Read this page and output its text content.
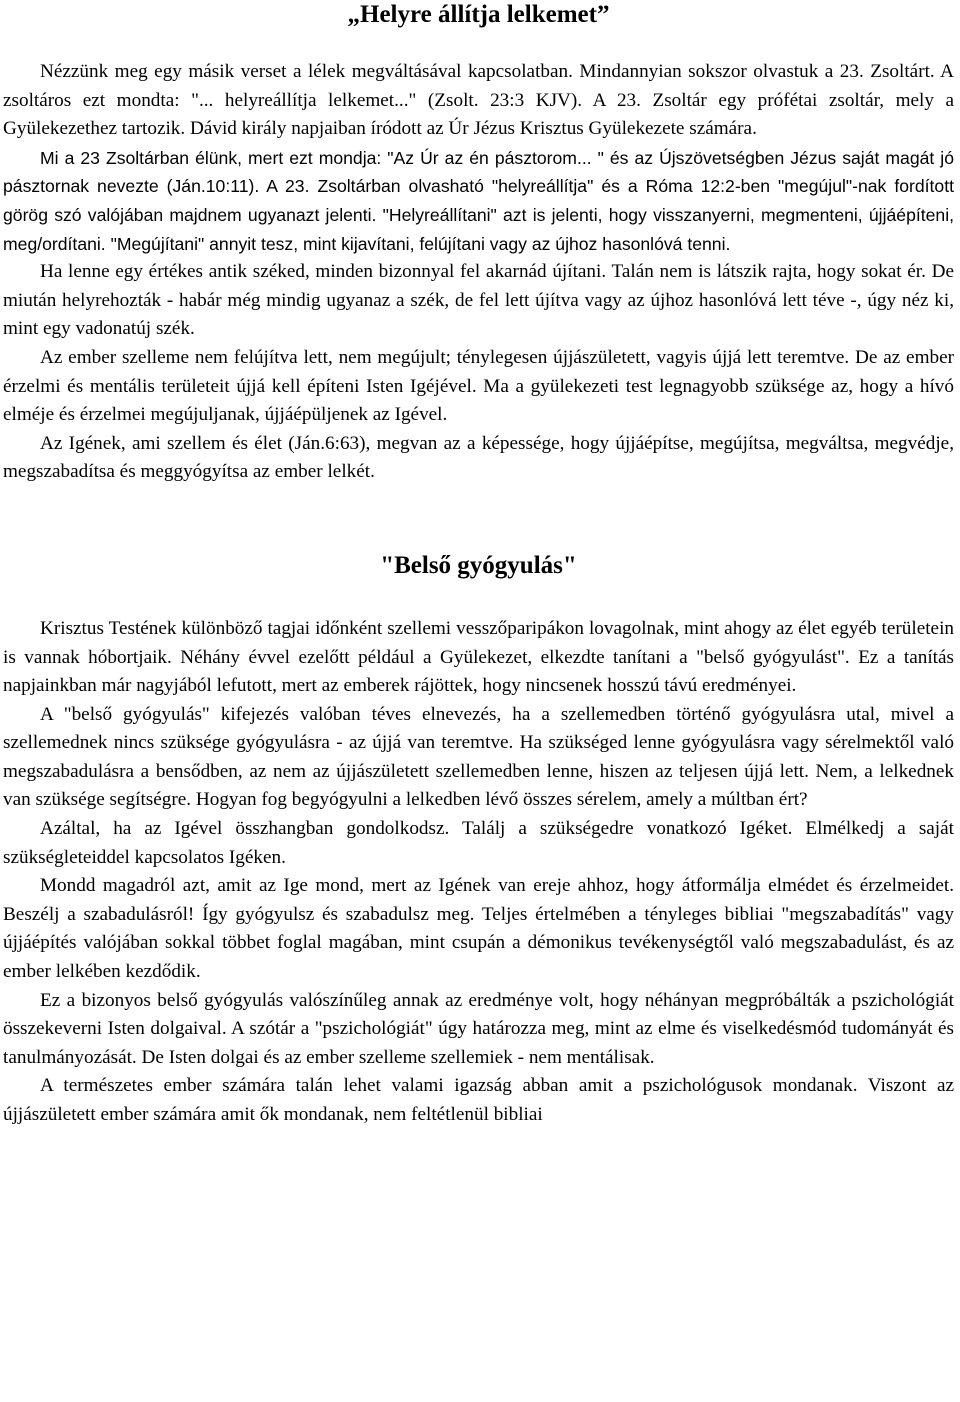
„Helyre állítja lelkemet”

Nézzünk meg egy másik verset a lélek megváltásával kapcsolatban. Mindannyian sokszor olvastuk a 23. Zsoltárt. A zsoltáros ezt mondta: "... helyreállítja lelkemet..." (Zsolt. 23:3 KJV). A 23. Zsoltár egy prófétai zsoltár, mely a Gyülekezethez tartozik. Dávid király napjaiban íródott az Úr Jézus Krisztus Gyülekezete számára.

Mi a 23 Zsoltárban élünk, mert ezt mondja: "Az Úr az én pásztorom... " és az Újszövetségben Jézus saját magát jó pásztornak nevezte (Ján.10:11). A 23. Zsoltárban olvasható "helyreállítja" és a Róma 12:2-ben "megújul"-nak fordított görög szó valójában majdnem ugyanazt jelenti. "Helyreállítani" azt is jelenti, hogy visszanyerni, megmenteni, újjáépíteni, meg/ordítani. "Megújítani" annyit tesz, mint kijavítani, felújítani vagy az újhoz hasonlóvá tenni.

Ha lenne egy értékes antik széked, minden bizonnyal fel akarnád újítani. Talán nem is látszik rajta, hogy sokat ér. De miután helyrehozták - habár még mindig ugyanaz a szék, de fel lett újítva vagy az újhoz hasonlóvá lett téve -, úgy néz ki, mint egy vadonatúj szék.

Az ember szelleme nem felújítva lett, nem megújult; ténylegesen újjászületett, vagyis újjá lett teremtve. De az ember érzelmi és mentális területeit újjá kell építeni Isten Igéjével. Ma a gyülekezeti test legnagyobb szüksége az, hogy a hívó elméje és érzelmei megújuljanak, újjáépüljenek az Igével.

Az Igének, ami szellem és élet (Ján.6:63), megvan az a képessége, hogy újjáépítse, megújítsa, megváltsa, megvédje, megszabadítsa és meggyógyítsa az ember lelkét.

"Belső gyógyulás"

Krisztus Testének különböző tagjai időnként szellemi vesszőparipákon lovagolnak, mint ahogy az élet egyéb területein is vannak hóbortjaik. Néhány évvel ezelőtt például a Gyülekezet, elkezdte tanítani a "belső gyógyulást". Ez a tanítás napjainkban már nagyjából lefutott, mert az emberek rájöttek, hogy nincsenek hosszú távú eredményei.

A "belső gyógyulás" kifejezés valóban téves elnevezés, ha a szellemedben történő gyógyulásra utal, mivel a szellemednek nincs szüksége gyógyulásra - az újjá van teremtve. Ha szükséged lenne gyógyulásra vagy sérelmektől való megszabadulásra a bensődben, az nem az újjászületett szellemedben lenne, hiszen az teljesen újjá lett. Nem, a lelkednek van szüksége segítségre. Hogyan fog begyógyulni a lelkedben lévő összes sérelem, amely a múltban ért?

Azáltal, ha az Igével összhangban gondolkodsz. Találj a szükségedre vonatkozó Igéket. Elmélkedj a saját szükségleteiddel kapcsolatos Igéken.

Mondd magadról azt, amit az Ige mond, mert az Igének van ereje ahhoz, hogy átformálja elmédet és érzelmeidet. Beszélj a szabadulásról! Így gyógyulsz és szabadulsz meg. Teljes értelmében a tényleges bibliai "megszabadítás" vagy újjáépítés valójában sokkal többet foglal magában, mint csupán a démonikus tevékenységtől való megszabadulást, és az ember lelkében kezdődik.

Ez a bizonyos belső gyógyulás valószínűleg annak az eredménye volt, hogy néhányan megpróbálták a pszichológiát összekeverni Isten dolgaival. A szótár a "pszichológiát" úgy határozza meg, mint az elme és viselkedésmód tudományát és tanulmányozását. De Isten dolgai és az ember szelleme szellemiek - nem mentálisak.

A természetes ember számára talán lehet valami igazság abban amit a pszichológusok mondanak. Viszont az újjászületett ember számára amit ők mondanak, nem feltétlenül bibliai
